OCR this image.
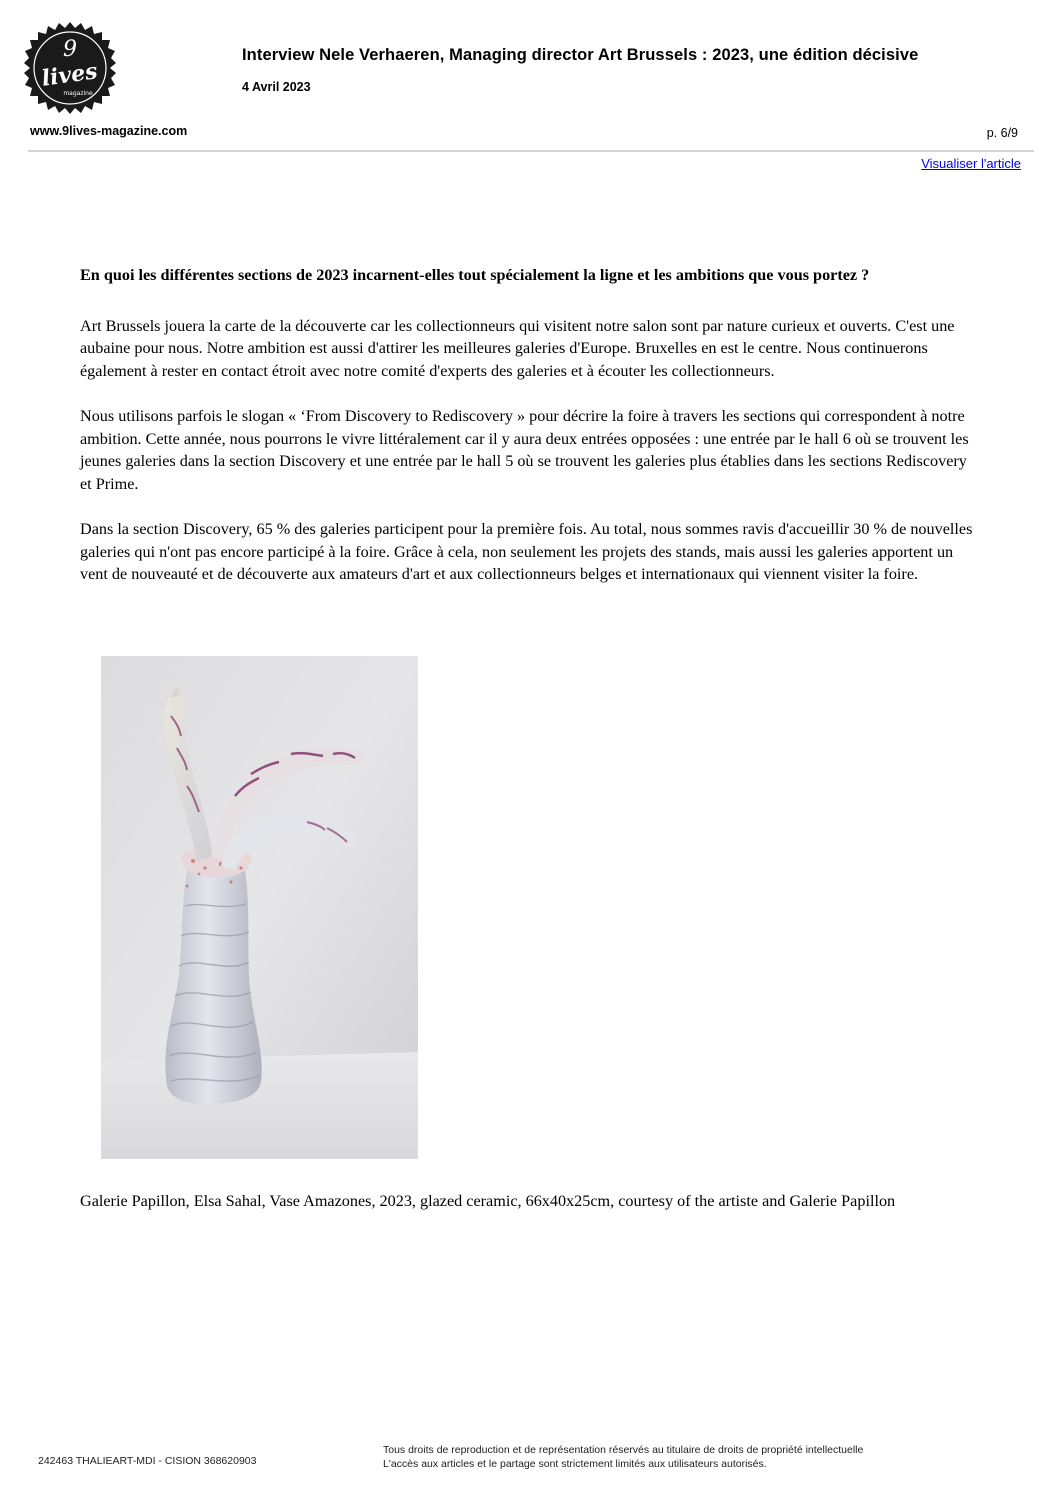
9
lives
magazine
Interview Nele Verhaeren, Managing director Art Brussels : 2023, une édition décisive
4 Avril 2023
www.9lives-magazine.com	p. 6/9
Visualiser l'article

En quoi les différentes sections de 2023 incarnent-elles tout spécialement la ligne et les ambitions que vous portez ?

Art Brussels jouera la carte de la découverte car les collectionneurs qui visitent notre salon sont par nature curieux et ouverts. C'est une aubaine pour nous. Notre ambition est aussi d'attirer les meilleures galeries d'Europe. Bruxelles en est le centre. Nous continuerons également à rester en contact étroit avec notre comité d'experts des galeries et à écouter les collectionneurs.

Nous utilisons parfois le slogan « ‘From Discovery to Rediscovery » pour décrire la foire à travers les sections qui correspondent à notre ambition. Cette année, nous pourrons le vivre littéralement car il y aura deux entrées opposées : une entrée par le hall 6 où se trouvent les jeunes galeries dans la section Discovery et une entrée par le hall 5 où se trouvent les galeries plus établies dans les sections Rediscovery et Prime.

Dans la section Discovery, 65 % des galeries participent pour la première fois. Au total, nous sommes ravis d'accueillir 30 % de nouvelles galeries qui n'ont pas encore participé à la foire. Grâce à cela, non seulement les projets des stands, mais aussi les galeries apportent un vent de nouveauté et de découverte aux amateurs d'art et aux collectionneurs belges et internationaux qui viennent visiter la foire.

Galerie Papillon, Elsa Sahal, Vase Amazones, 2023, glazed ceramic, 66x40x25cm, courtesy of the artiste and Galerie Papillon
242463 THALIEART-MDI - CISION 368620903
Tous droits de reproduction et de représentation réservés au titulaire de droits de propriété intellectuelle
L'accès aux articles et le partage sont strictement limités aux utilisateurs autorisés.
